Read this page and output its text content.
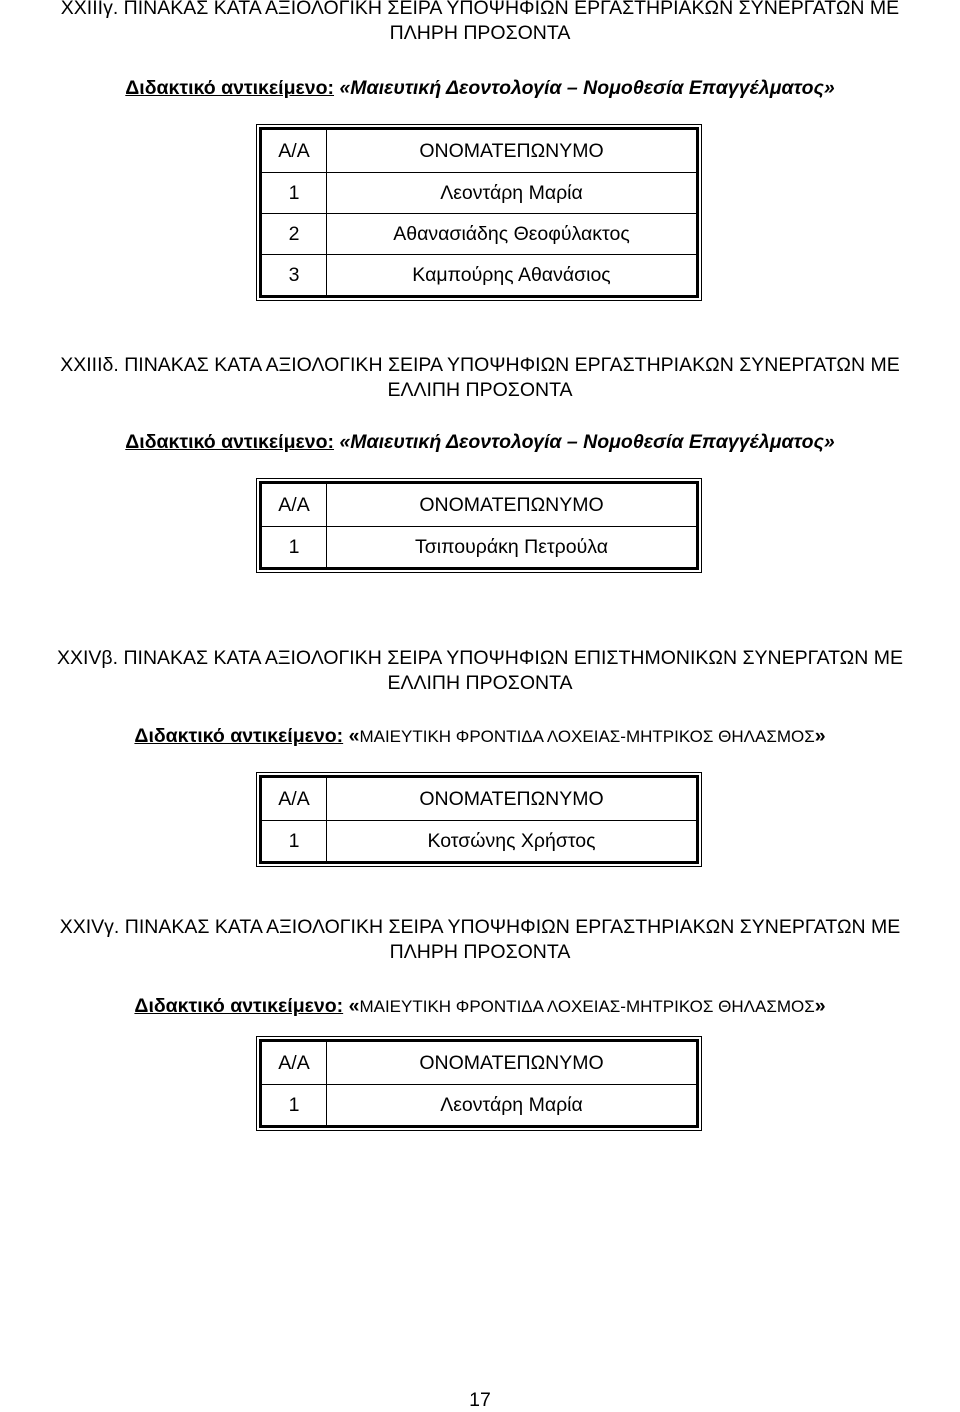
XXIIIγ. ΠΙΝΑΚΑΣ ΚΑΤΑ ΑΞΙΟΛΟΓΙΚΗ ΣΕΙΡΑ ΥΠΟΨΗΦΙΩΝ ΕΡΓΑΣΤΗΡΙΑΚΩΝ ΣΥΝΕΡΓΑΤΩΝ ΜΕ
ΠΛΗΡΗ ΠΡΟΣΟΝΤΑ
Διδακτικό αντικείμενο: «Μαιευτική Δεοντολογία – Νομοθεσία Επαγγέλματος»
Α/Α	ΟΝΟΜΑΤΕΠΩΝΥΜΟ
1	Λεοντάρη Μαρία
2	Αθανασιάδης Θεοφύλακτος
3	Καμπούρης Αθανάσιος
XXIIIδ. ΠΙΝΑΚΑΣ ΚΑΤΑ ΑΞΙΟΛΟΓΙΚΗ ΣΕΙΡΑ ΥΠΟΨΗΦΙΩΝ ΕΡΓΑΣΤΗΡΙΑΚΩΝ ΣΥΝΕΡΓΑΤΩΝ ΜΕ
ΕΛΛΙΠΗ ΠΡΟΣΟΝΤΑ
Διδακτικό αντικείμενο: «Μαιευτική Δεοντολογία – Νομοθεσία Επαγγέλματος»
Α/Α	ΟΝΟΜΑΤΕΠΩΝΥΜΟ
1	Τσιπουράκη Πετρούλα
XXIVβ. ΠΙΝΑΚΑΣ ΚΑΤΑ ΑΞΙΟΛΟΓΙΚΗ ΣΕΙΡΑ ΥΠΟΨΗΦΙΩΝ ΕΠΙΣΤΗΜΟΝΙΚΩΝ ΣΥΝΕΡΓΑΤΩΝ ΜΕ
ΕΛΛΙΠΗ ΠΡΟΣΟΝΤΑ
Διδακτικό αντικείμενο: «ΜΑΙΕΥΤΙΚΗ ΦΡΟΝΤΙΔΑ ΛΟΧΕΙΑΣ-ΜΗΤΡΙΚΟΣ ΘΗΛΑΣΜΟΣ»
Α/Α	ΟΝΟΜΑΤΕΠΩΝΥΜΟ
1	Κοτσώνης Χρήστος
XXIVγ. ΠΙΝΑΚΑΣ ΚΑΤΑ ΑΞΙΟΛΟΓΙΚΗ ΣΕΙΡΑ ΥΠΟΨΗΦΙΩΝ ΕΡΓΑΣΤΗΡΙΑΚΩΝ ΣΥΝΕΡΓΑΤΩΝ ΜΕ
ΠΛΗΡΗ ΠΡΟΣΟΝΤΑ
Διδακτικό αντικείμενο: «ΜΑΙΕΥΤΙΚΗ ΦΡΟΝΤΙΔΑ ΛΟΧΕΙΑΣ-ΜΗΤΡΙΚΟΣ ΘΗΛΑΣΜΟΣ»
Α/Α	ΟΝΟΜΑΤΕΠΩΝΥΜΟ
1	Λεοντάρη Μαρία
17
